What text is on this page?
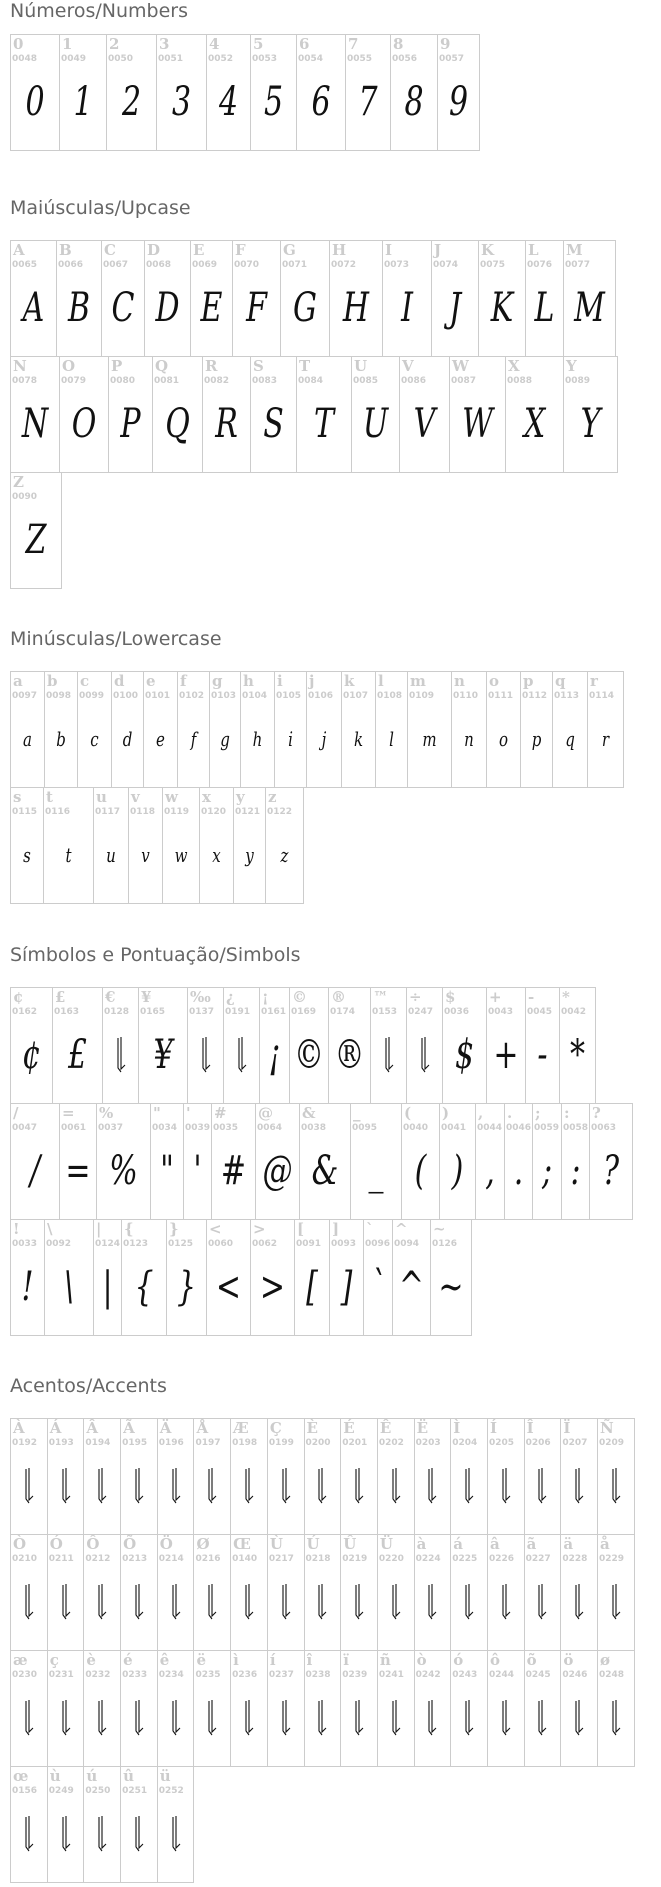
Números/Numbers
0
0048
0
1
0049
1
2
0050
2
3
0051
3
4
0052
4
5
0053
5
6
0054
6
7
0055
7
8
0056
8
9
0057
9
Maiúsculas/Upcase
A
0065
A
B
0066
B
C
0067
C
D
0068
D
E
0069
E
F
0070
F
G
0071
G
H
0072
H
I
0073
I
J
0074
J
K
0075
K
L
0076
L
M
0077
M
N
0078
N
O
0079
O
P
0080
P
Q
0081
Q
R
0082
R
S
0083
S
T
0084
T
U
0085
U
V
0086
V
W
0087
W
X
0088
X
Y
0089
Y
Z
0090
Z
Minúsculas/Lowercase
a
0097
a
b
0098
b
c
0099
c
d
0100
d
e
0101
e
f
0102
f
g
0103
g
h
0104
h
i
0105
i
j
0106
j
k
0107
k
l
0108
l
m
0109
m
n
0110
n
o
0111
o
p
0112
p
q
0113
q
r
0114
r
s
0115
s
t
0116
t
u
0117
u
v
0118
v
w
0119
w
x
0120
x
y
0121
y
z
0122
z
Símbolos e Pontuação/Simbols
¢
0162
¢
£
0163
£
€
0128
¥
0165
¥
‰
0137
¿
0191
¡
0161
¡
©
0169
©
®
0174
®
™
0153
÷
0247
$
0036
$
+
0043
+
-
0045
-
*
0042
*
/
0047
/
=
0061
=
%
0037
%
"
0034
"
'
0039
'
#
0035
#
@
0064
@
&
0038
&
_
0095
_
(
0040
(
)
0041
)
,
0044
,
.
0046
.
;
0059
;
:
0058
:
?
0063
?
!
0033
!
\
0092
\
|
0124
|
{
0123
{
}
0125
}
<
0060
<
>
0062
>
[
0091
[
]
0093
]
`
0096
`
^
0094
^
~
0126
~
Acentos/Accents
À
0192
Á
0193
Â
0194
Ã
0195
Ä
0196
Å
0197
Æ
0198
Ç
0199
È
0200
É
0201
Ê
0202
Ë
0203
Ì
0204
Í
0205
Î
0206
Ï
0207
Ñ
0209
Ò
0210
Ó
0211
Ô
0212
Õ
0213
Ö
0214
Ø
0216
Œ
0140
Ù
0217
Ú
0218
Û
0219
Ü
0220
à
0224
á
0225
â
0226
ã
0227
ä
0228
å
0229
æ
0230
ç
0231
è
0232
é
0233
ê
0234
ë
0235
ì
0236
í
0237
î
0238
ï
0239
ñ
0241
ò
0242
ó
0243
ô
0244
õ
0245
ö
0246
ø
0248
œ
0156
ù
0249
ú
0250
û
0251
ü
0252
